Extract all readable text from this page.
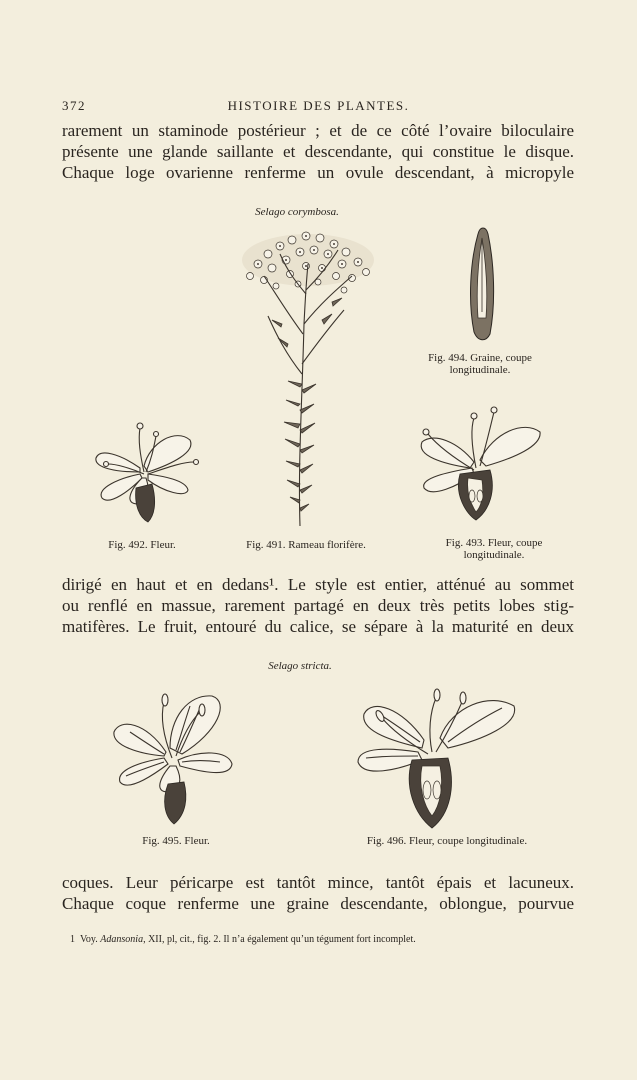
372	HISTOIRE DES PLANTES.
rarement un staminode postérieur ; et de ce côté l’ovaire biloculaire
présente une glande saillante et descendante, qui constitue le disque.
Chaque loge ovarienne renferme un ovule descendant, à micropyle
Selago corymbosa.
Fig. 494. Graine, coupe
longitudinale.
Fig. 492. Fleur.	Fig. 491. Rameau florifère.	Fig. 493. Fleur, coupe
longitudinale.
dirigé en haut et en dedans¹. Le style est entier, atténué au sommet
ou renflé en massue, rarement partagé en deux très petits lobes stig-
matifères. Le fruit, entouré du calice, se sépare à la maturité en deux
Selago stricta.
Fig. 495. Fleur.	Fig. 496. Fleur, coupe longitudinale.
coques. Leur péricarpe est tantôt mince, tantôt épais et lacuneux.
Chaque coque renferme une graine descendante, oblongue, pourvue
1 Voy. Adansonia, XII, pl, cit., fig. 2. Il n’a également qu’un tégument fort incomplet.
